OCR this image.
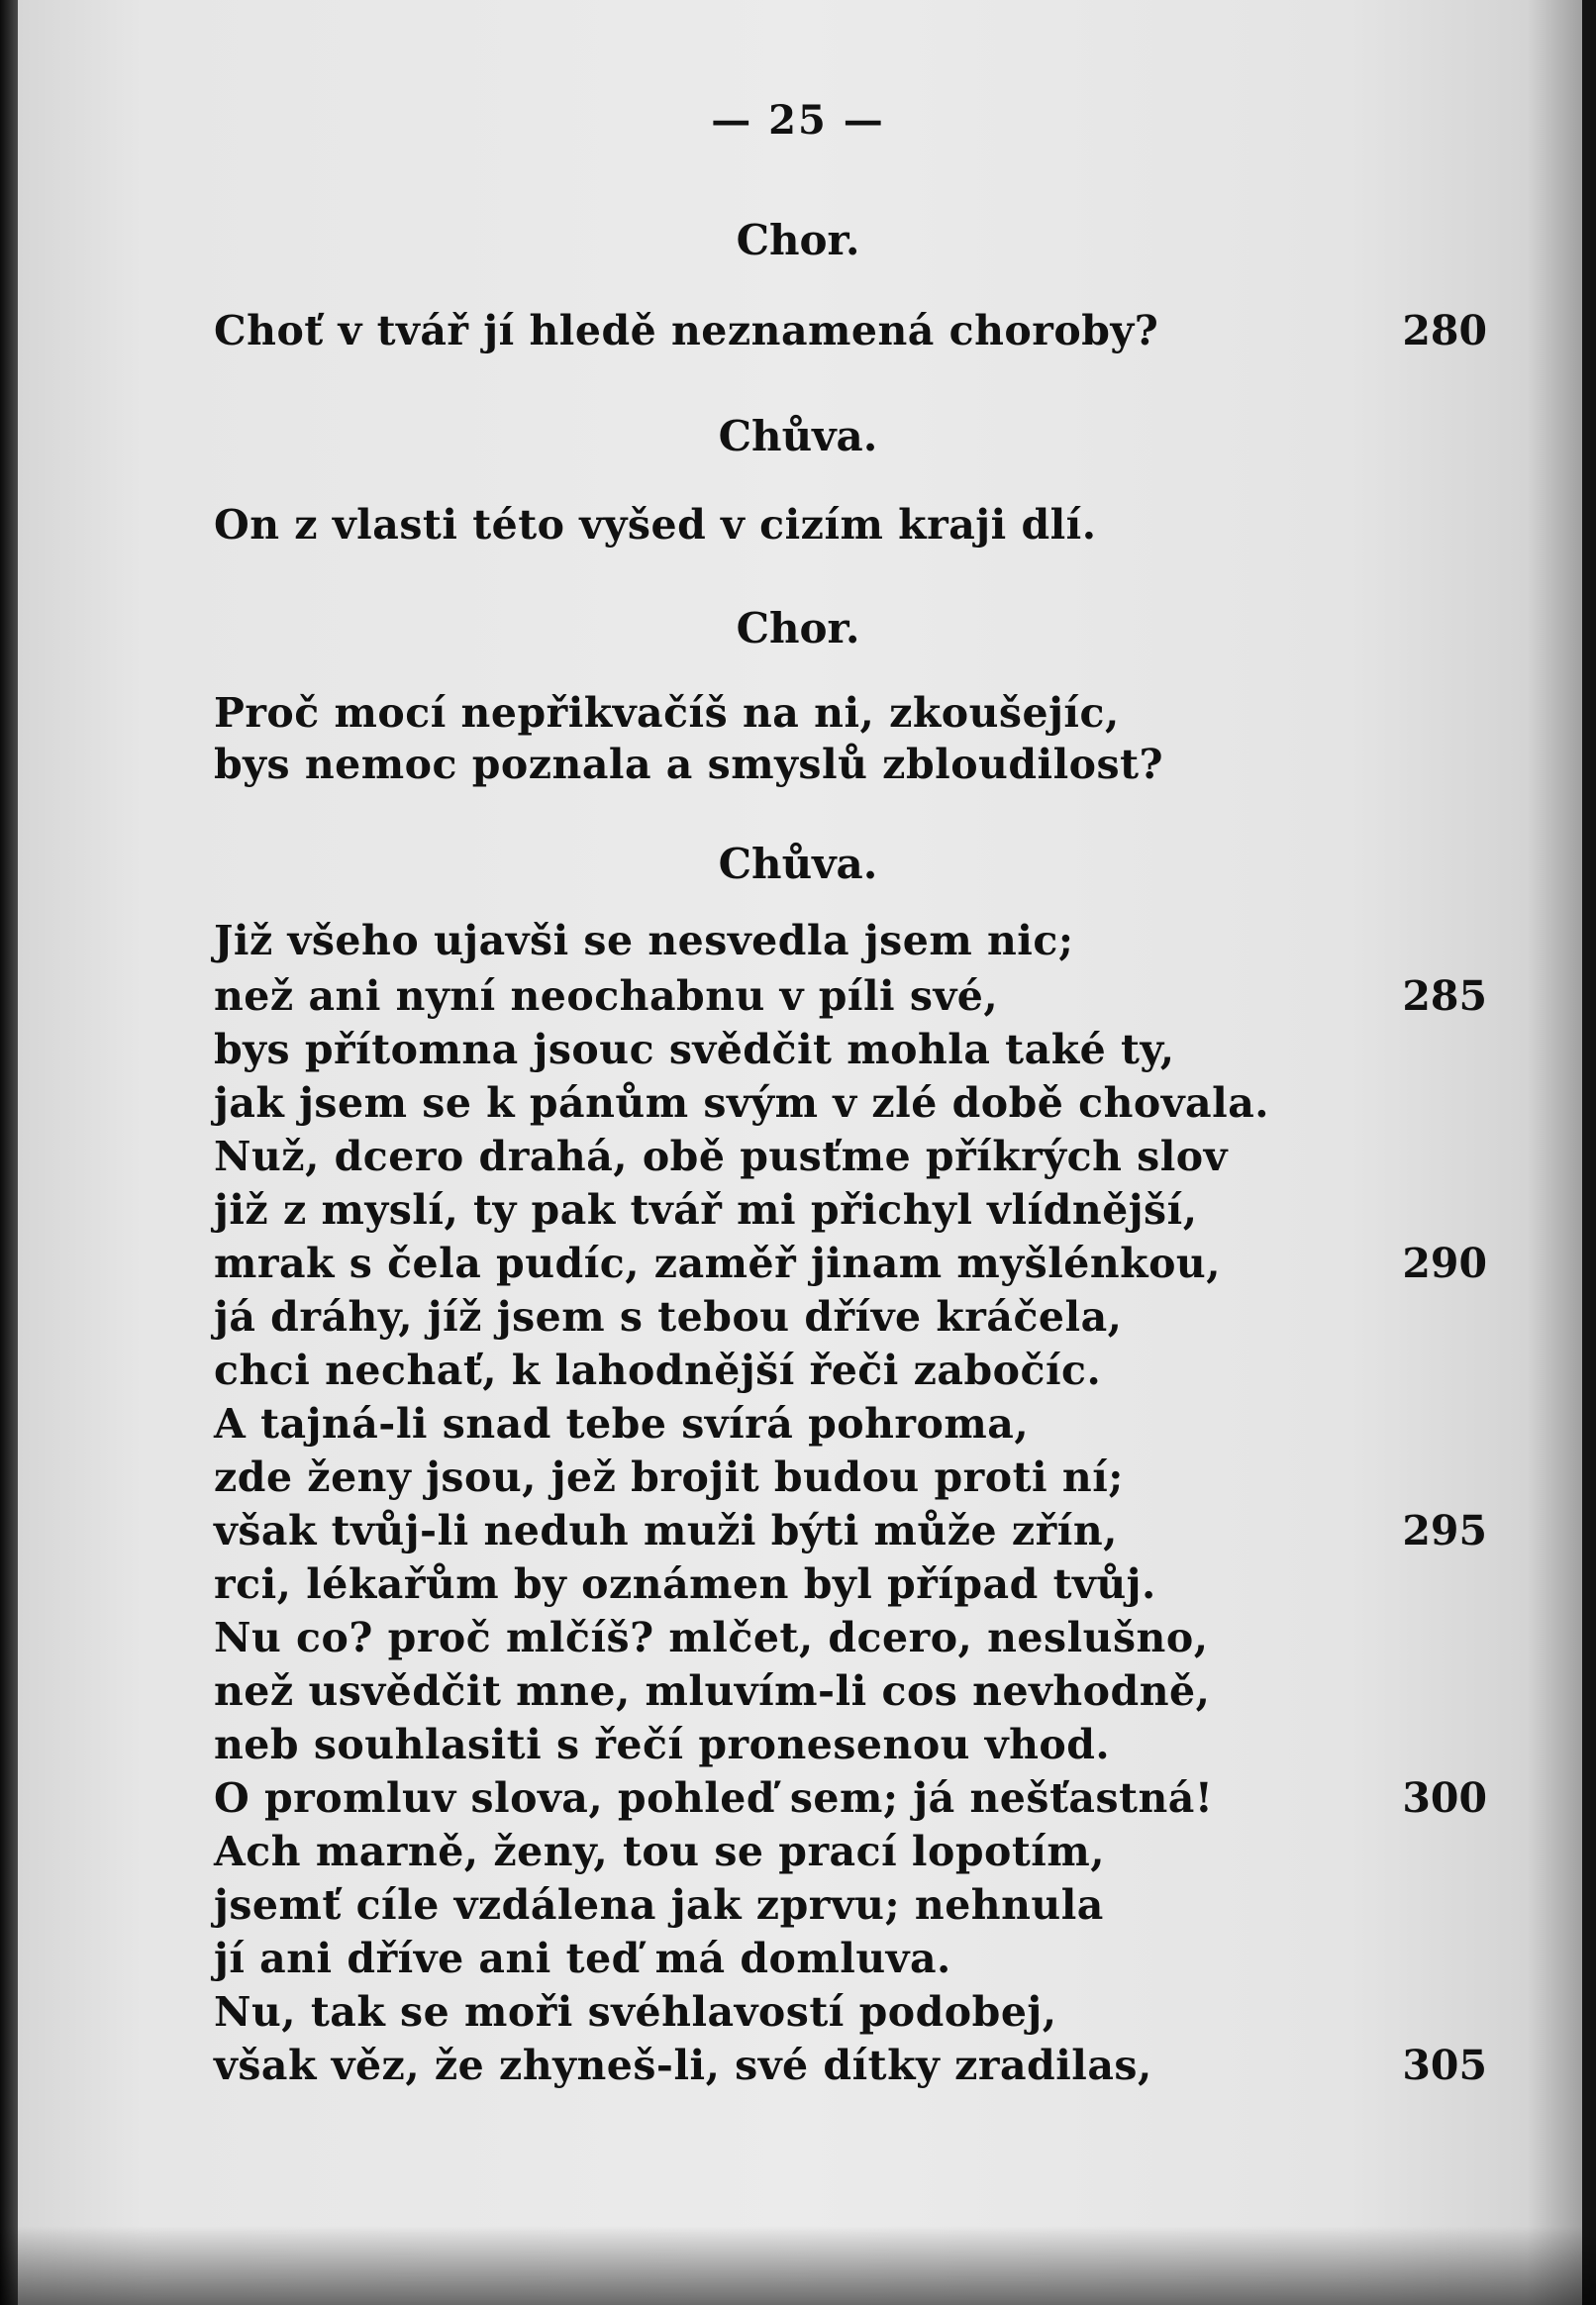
— 25 —
Chor.
Choť v tvář jí hledě neznamená choroby?	280
Chůva.
On z vlasti této vyšed v cizím kraji dlí.
Chor.
Proč mocí nepřikvačíš na ni, zkoušejíc,
bys nemoc poznala a smyslů zbloudilost?
Chůva.
Již všeho ujavši se nesvedla jsem nic;
než ani nyní neochabnu v píli své,	285
bys přítomna jsouc svědčit mohla také ty,
jak jsem se k pánům svým v zlé době chovala.
Nuž, dcero drahá, obě pusťme příkrých slov
již z myslí, ty pak tvář mi přichyl vlídnější,
mrak s čela pudíc, zaměř jinam myšlénkou,	290
já dráhy, jíž jsem s tebou dříve kráčela,
chci nechať, k lahodnější řeči zabočíc.
A tajná-li snad tebe svírá pohroma,
zde ženy jsou, jež brojit budou proti ní;
však tvůj-li neduh muži býti může zřín,	295
rci, lékařům by oznámen byl případ tvůj.
Nu co? proč mlčíš? mlčet, dcero, neslušno,
než usvědčit mne, mluvím-li cos nevhodně,
neb souhlasiti s řečí pronesenou vhod.
O promluv slova, pohleď sem; já nešťastná!	300
Ach marně, ženy, tou se prací lopotím,
jsemť cíle vzdálena jak zprvu; nehnula
jí ani dříve ani teď má domluva.
Nu, tak se moři svéhlavostí podobej,
však věz, že zhyneš-li, své dítky zradilas,	305
